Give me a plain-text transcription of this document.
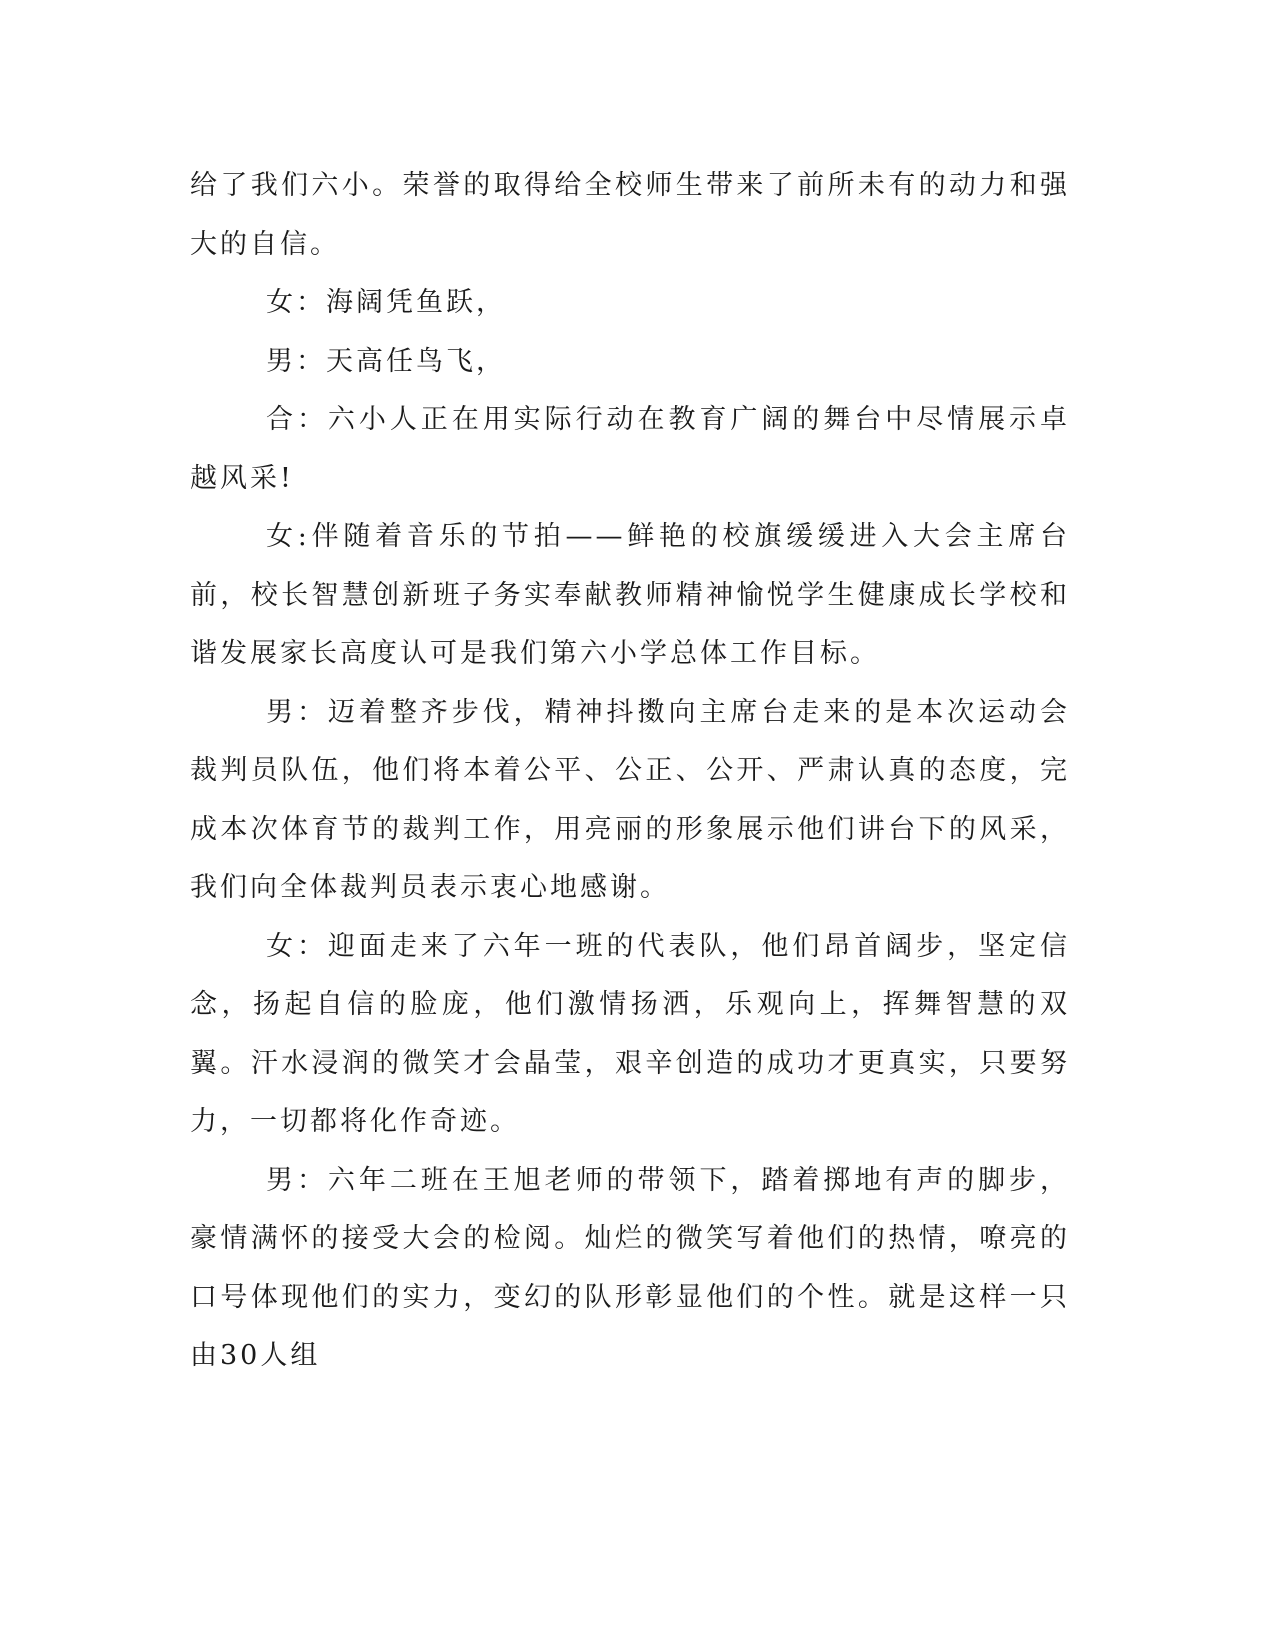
给了我们六小。荣誉的取得给全校师生带来了前所未有的动力和强大的自信。

女：海阔凭鱼跃，

男：天高任鸟飞，

合：六小人正在用实际行动在教育广阔的舞台中尽情展示卓越风采!

女:伴随着音乐的节拍——鲜艳的校旗缓缓进入大会主席台前，校长智慧创新班子务实奉献教师精神愉悦学生健康成长学校和谐发展家长高度认可是我们第六小学总体工作目标。

男：迈着整齐步伐，精神抖擞向主席台走来的是本次运动会裁判员队伍，他们将本着公平、公正、公开、严肃认真的态度，完成本次体育节的裁判工作，用亮丽的形象展示他们讲台下的风采，我们向全体裁判员表示衷心地感谢。

女：迎面走来了六年一班的代表队，他们昂首阔步，坚定信念，扬起自信的脸庞，他们激情扬洒，乐观向上，挥舞智慧的双翼。汗水浸润的微笑才会晶莹，艰辛创造的成功才更真实，只要努力，一切都将化作奇迹。

男：六年二班在王旭老师的带领下，踏着掷地有声的脚步，豪情满怀的接受大会的检阅。灿烂的微笑写着他们的热情，嘹亮的口号体现他们的实力，变幻的队形彰显他们的个性。就是这样一只由30人组
